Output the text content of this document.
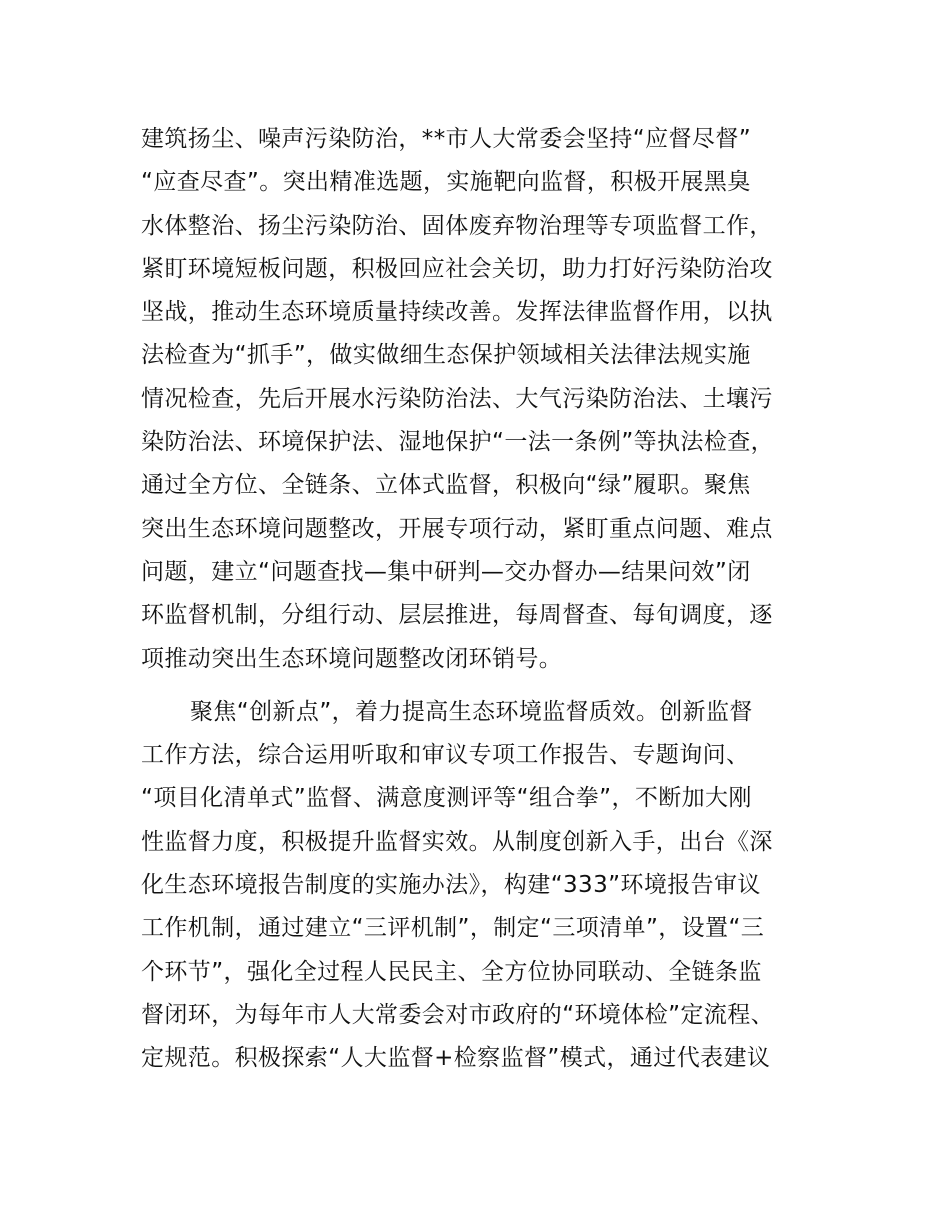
建筑扬尘、噪声污染防治，**市人大常委会坚持“应督尽督”
“应查尽查”。突出精准选题，实施靶向监督，积极开展黑臭
水体整治、扬尘污染防治、固体废弃物治理等专项监督工作，
紧盯环境短板问题，积极回应社会关切，助力打好污染防治攻
坚战，推动生态环境质量持续改善。发挥法律监督作用，以执
法检查为“抓手”，做实做细生态保护领域相关法律法规实施
情况检查，先后开展水污染防治法、大气污染防治法、土壤污
染防治法、环境保护法、湿地保护“一法一条例”等执法检查，
通过全方位、全链条、立体式监督，积极向“绿”履职。聚焦
突出生态环境问题整改，开展专项行动，紧盯重点问题、难点
问题，建立“问题查找—集中研判—交办督办—结果问效”闭
环监督机制，分组行动、层层推进，每周督查、每旬调度，逐
项推动突出生态环境问题整改闭环销号。
聚焦“创新点”，着力提高生态环境监督质效。创新监督
工作方法，综合运用听取和审议专项工作报告、专题询问、
“项目化清单式”监督、满意度测评等“组合拳”，不断加大刚
性监督力度，积极提升监督实效。从制度创新入手，出台《深
化生态环境报告制度的实施办法》，构建“333”环境报告审议
工作机制，通过建立“三评机制”，制定“三项清单”，设置“三
个环节”，强化全过程人民民主、全方位协同联动、全链条监
督闭环，为每年市人大常委会对市政府的“环境体检”定流程、
定规范。积极探索“人大监督+检察监督”模式，通过代表建议
